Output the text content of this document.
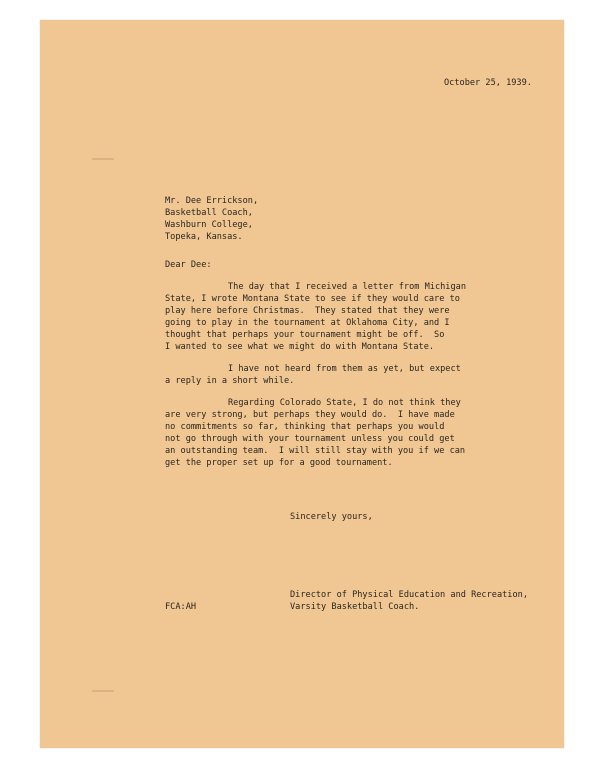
October 25, 1939.
Mr. Dee Errickson,
Basketball Coach,
Washburn College,
Topeka, Kansas.
Dear Dee:
The day that I received a letter from Michigan
State, I wrote Montana State to see if they would care to
play here before Christmas.  They stated that they were
going to play in the tournament at Oklahoma City, and I
thought that perhaps your tournament might be off.  So
I wanted to see what we might do with Montana State.
I have not heard from them as yet, but expect
a reply in a short while.
Regarding Colorado State, I do not think they
are very strong, but perhaps they would do.  I have made
no commitments so far, thinking that perhaps you would
not go through with your tournament unless you could get
an outstanding team.  I will still stay with you if we can
get the proper set up for a good tournament.
Sincerely yours,
Director of Physical Education and Recreation,
Varsity Basketball Coach.
FCA:AH
